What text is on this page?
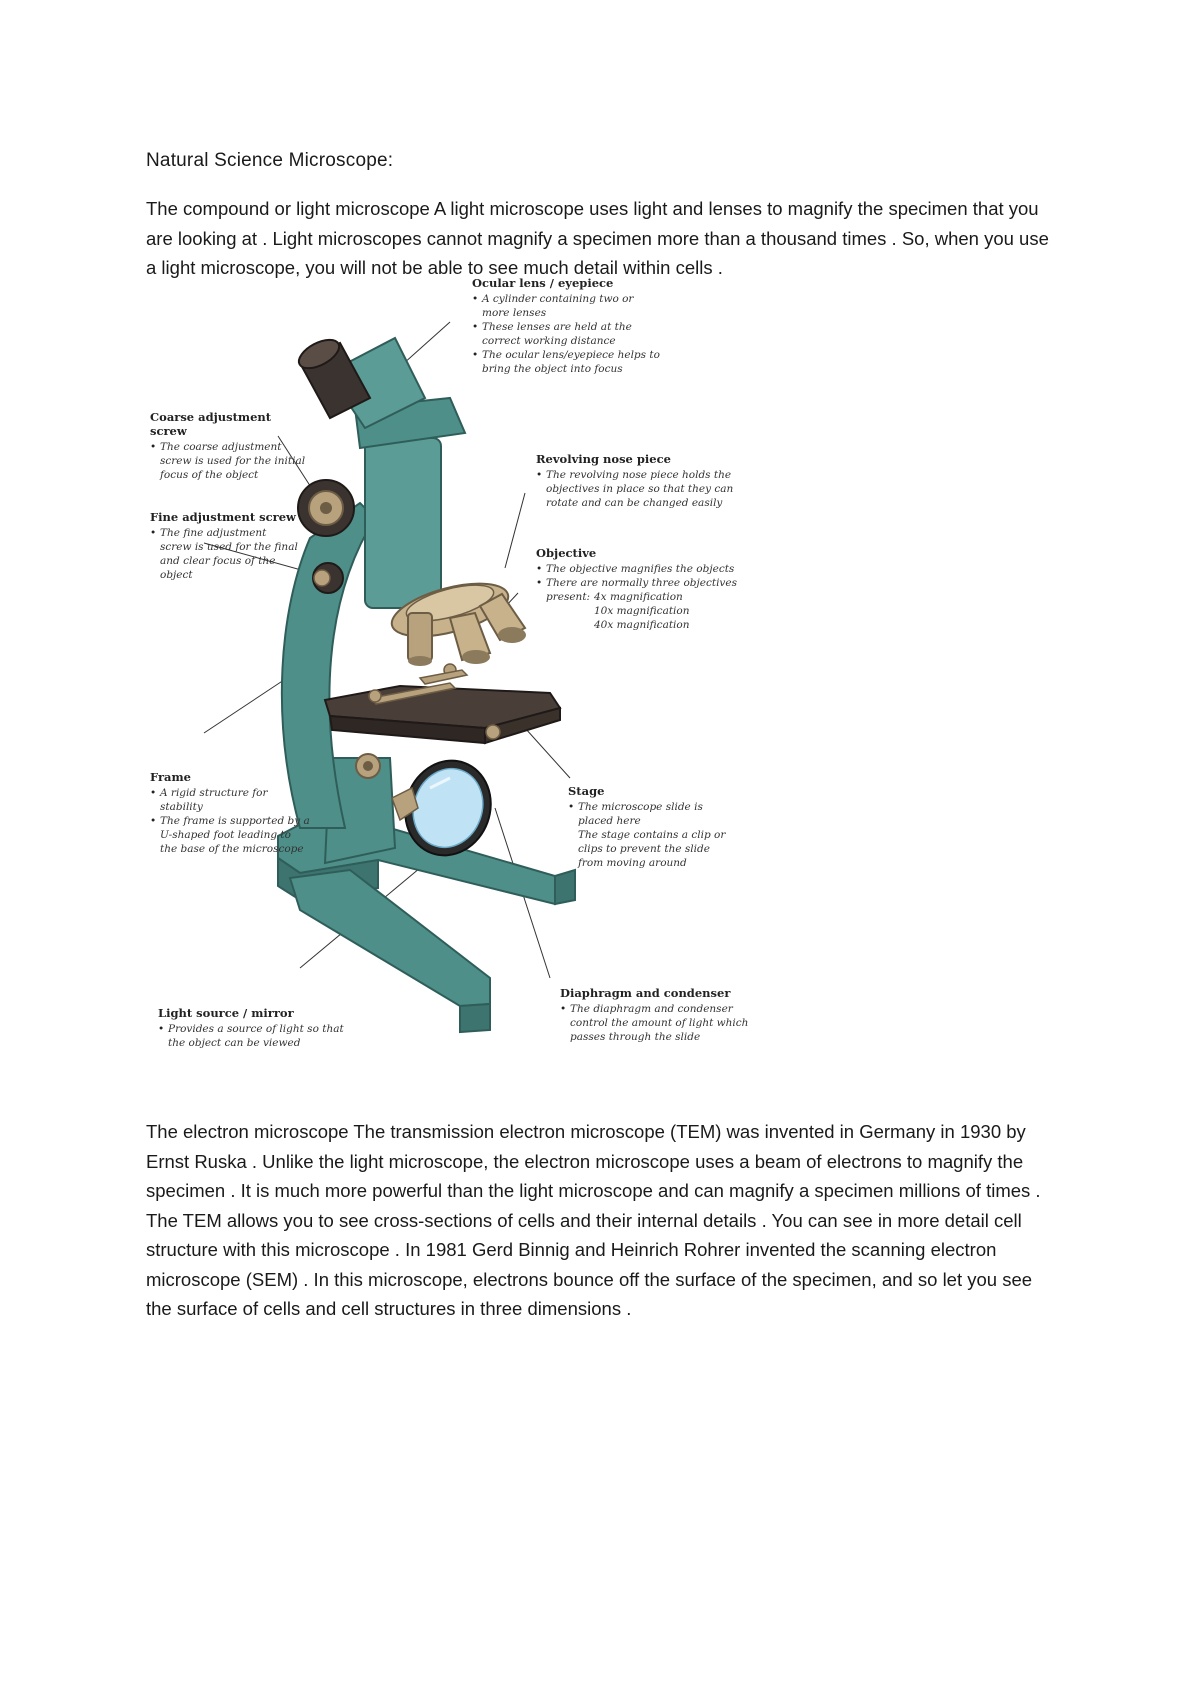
Natural Science Microscope:

The compound or light microscope A light microscope uses light and lenses to magnify the specimen that you are looking at . Light microscopes cannot magnify a specimen more than a thousand times . So, when you use a light microscope, you will not be able to see much detail within cells .

Ocular lens / eyepiece
• A cylinder containing two or more lenses
• These lenses are held at the correct working distance
• The ocular lens/eyepiece helps to bring the object into focus
Coarse adjustment screw
• The coarse adjustment screw is used for the initial focus of the object
Revolving nose piece
• The revolving nose piece holds the objectives in place so that they can rotate and can be changed easily
Fine adjustment screw
• The fine adjustment screw is used for the final and clear focus of the object
Objective
• The objective magnifies the objects
• There are normally three objectives
present: 4x magnification
10x magnification
40x magnification
Frame
• A rigid structure for stability
• The frame is supported by a U-shaped foot leading to the base of the microscope
Stage
• The microscope slide is placed here
The stage contains a clip or clips to prevent the slide from moving around
Diaphragm and condenser
• The diaphragm and condenser control the amount of light which passes through the slide
Light source / mirror
• Provides a source of light so that the object can be viewed

The electron microscope The transmission electron microscope (TEM) was invented in Germany in 1930 by Ernst Ruska . Unlike the light microscope, the electron microscope uses a beam of electrons to magnify the specimen . It is much more powerful than the light microscope and can magnify a specimen millions of times . The TEM allows you to see cross-sections of cells and their internal details . You can see in more detail cell structure with this microscope . In 1981 Gerd Binnig and Heinrich Rohrer invented the scanning electron microscope (SEM) . In this microscope, electrons bounce off the surface of the specimen, and so let you see the surface of cells and cell structures in three dimensions .
